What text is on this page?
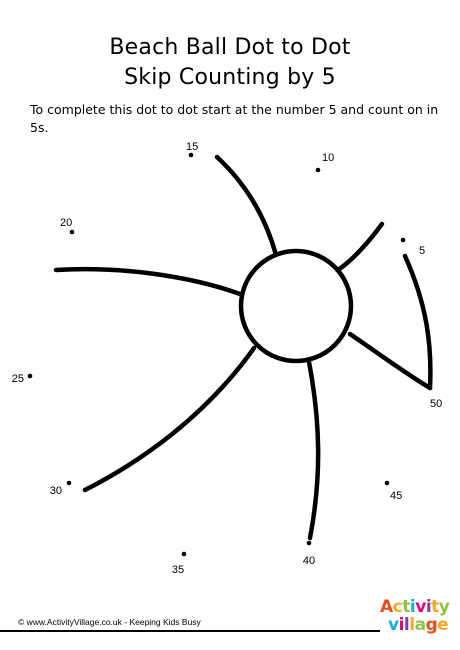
Beach Ball Dot to Dot
Skip Counting by 5
To complete this dot to dot start at the number 5 and count on in 5s.
5
10
15
20
25
30
35
40
45
50
© www.ActivityVillage.co.uk - Keeping Kids Busy
Activity
village
